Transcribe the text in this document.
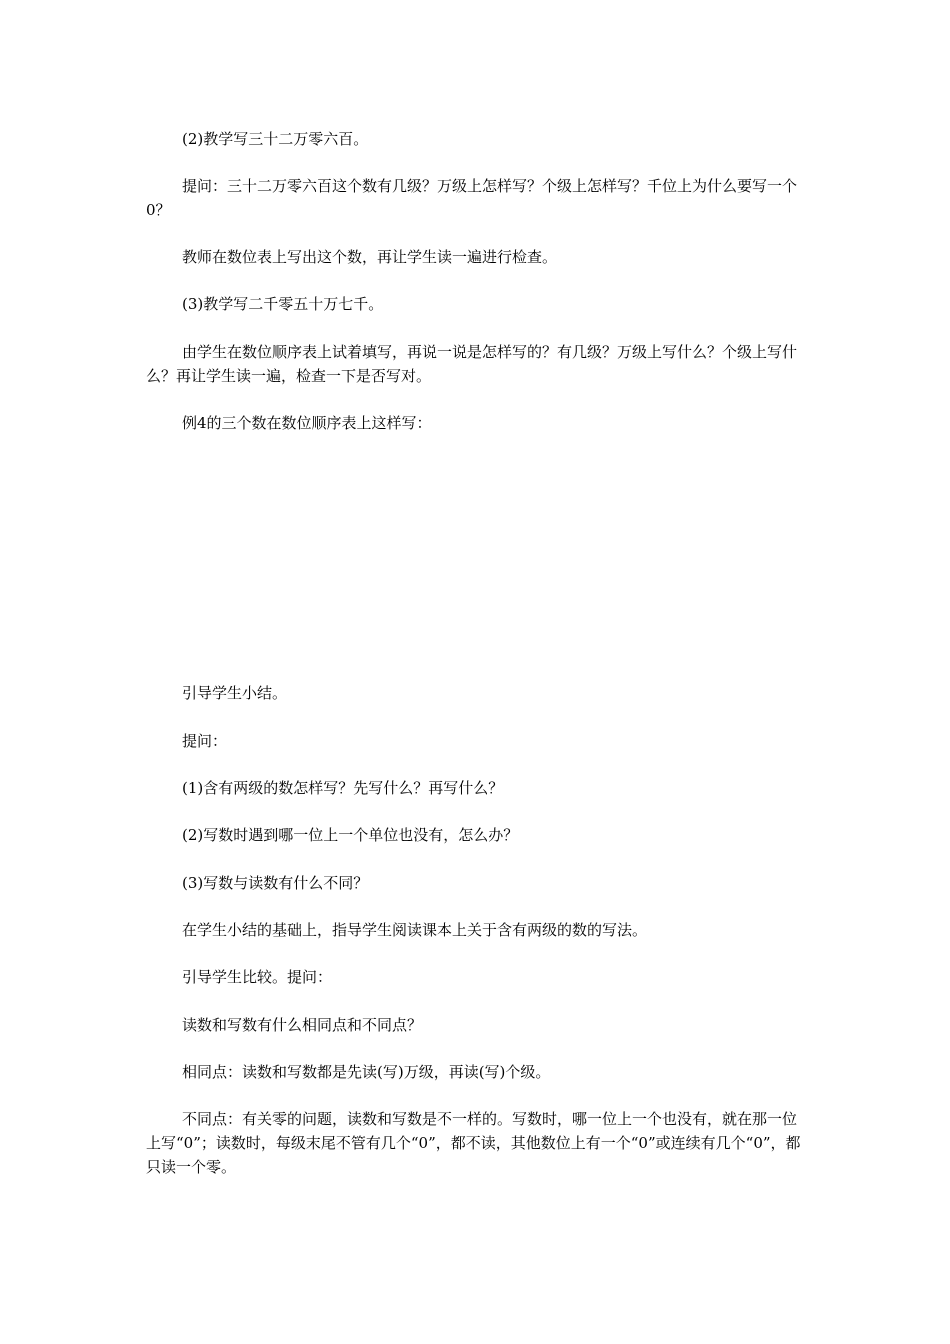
(2)教学写三十二万零六百。

提问：三十二万零六百这个数有几级？万级上怎样写？个级上怎样写？千位上为什么要写一个0？

教师在数位表上写出这个数，再让学生读一遍进行检查。

(3)教学写二千零五十万七千。

由学生在数位顺序表上试着填写，再说一说是怎样写的？有几级？万级上写什么？个级上写什么？再让学生读一遍，检查一下是否写对。

例4的三个数在数位顺序表上这样写：

引导学生小结。

提问：

(1)含有两级的数怎样写？先写什么？再写什么？

(2)写数时遇到哪一位上一个单位也没有，怎么办？

(3)写数与读数有什么不同？

在学生小结的基础上，指导学生阅读课本上关于含有两级的数的写法。

引导学生比较。提问：

读数和写数有什么相同点和不同点？

相同点：读数和写数都是先读(写)万级，再读(写)个级。

不同点：有关零的问题，读数和写数是不一样的。写数时，哪一位上一个也没有，就在那一位上写“0”；读数时，每级末尾不管有几个“0”，都不读，其他数位上有一个“0”或连续有几个“0”，都只读一个零。
